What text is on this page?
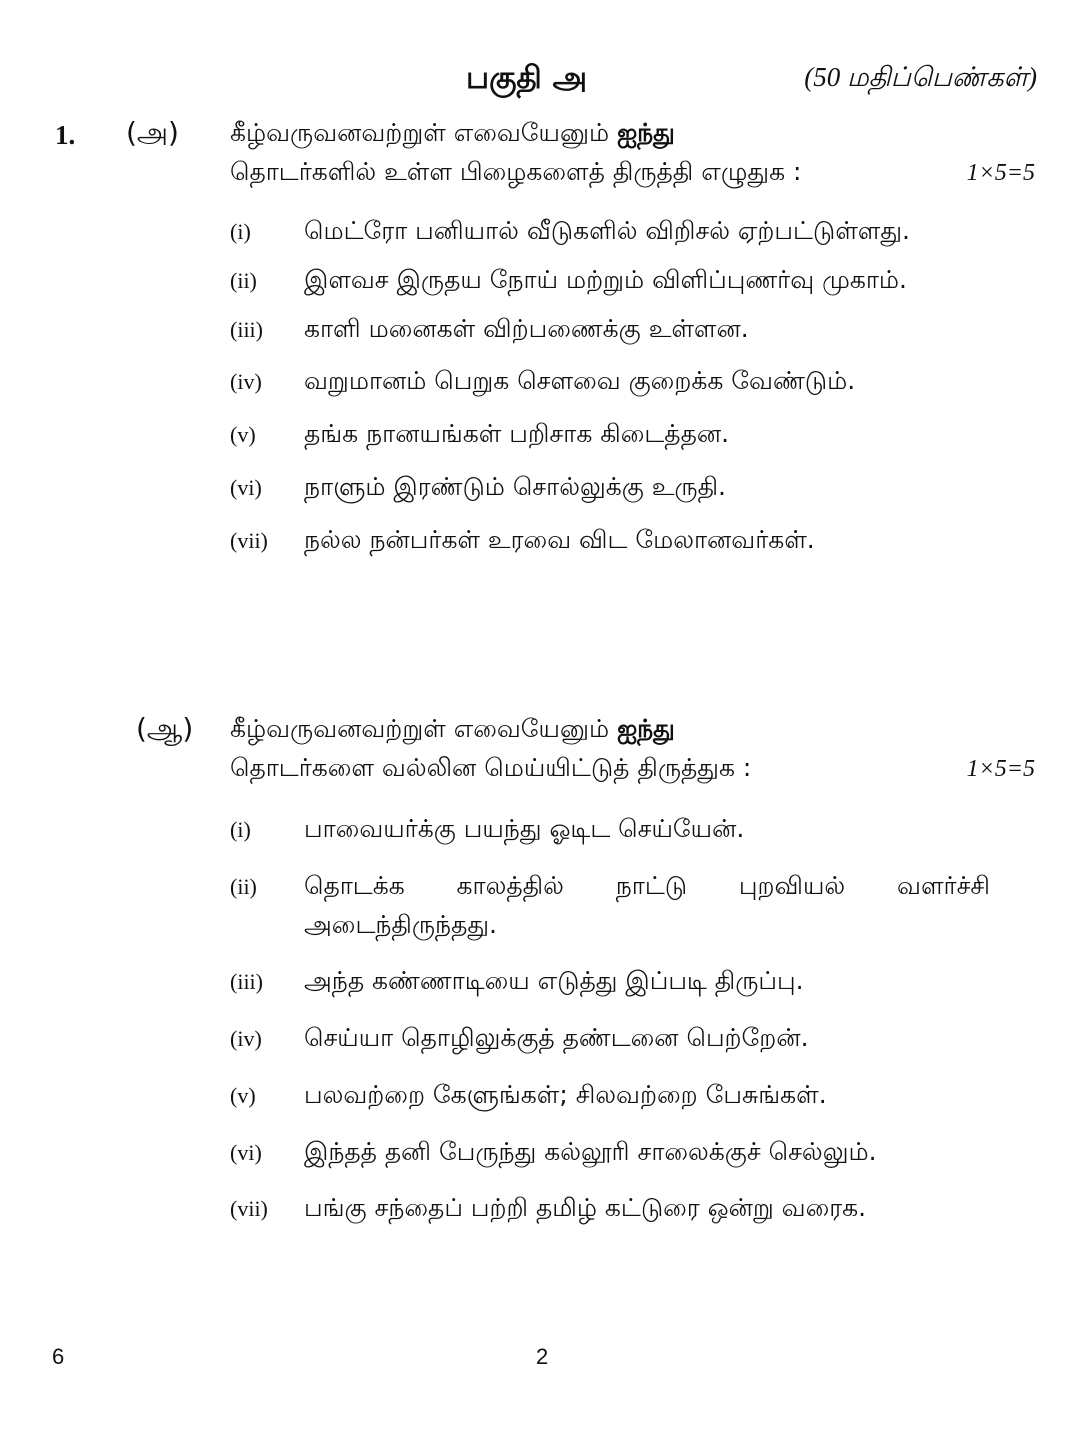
பகுதி அ	(50 மதிப்பெண்கள்)
1. (அ) கீழ்வருவனவற்றுள் எவையேனும் ஐந்து
தொடர்களில் உள்ள பிழைகளைத் திருத்தி எழுதுக :	1×5=5
(i)	மெட்ரோ பனியால் வீடுகளில் விறிசல் ஏற்பட்டுள்ளது.
(ii)	இளவச இருதய நோய் மற்றும் விளிப்புணர்வு முகாம்.
(iii)	காளி மனைகள் விற்பணைக்கு உள்ளன.
(iv)	வறுமானம் பெறுக செளவை குறைக்க வேண்டும்.
(v)	தங்க நானயங்கள் பறிசாக கிடைத்தன.
(vi)	நாளும் இரண்டும் சொல்லுக்கு உருதி.
(vii)	நல்ல நன்பர்கள் உரவை விட மேலானவர்கள்.
(ஆ) கீழ்வருவனவற்றுள் எவையேனும் ஐந்து
தொடர்களை வல்லின மெய்யிட்டுத் திருத்துக :	1×5=5
(i)	பாவையர்க்கு பயந்து ஓடிட செய்யேன்.
(ii)	தொடக்க காலத்தில் நாட்டு புறவியல் வளர்ச்சி அடைந்திருந்தது.
(iii)	அந்த கண்ணாடியை எடுத்து இப்படி திருப்பு.
(iv)	செய்யா தொழிலுக்குத் தண்டனை பெற்றேன்.
(v)	பலவற்றை கேளுங்கள்; சிலவற்றை பேசுங்கள்.
(vi)	இந்தத் தனி பேருந்து கல்லூரி சாலைக்குச் செல்லும்.
(vii)	பங்கு சந்தைப் பற்றி தமிழ் கட்டுரை ஒன்று வரைக.
6	2
